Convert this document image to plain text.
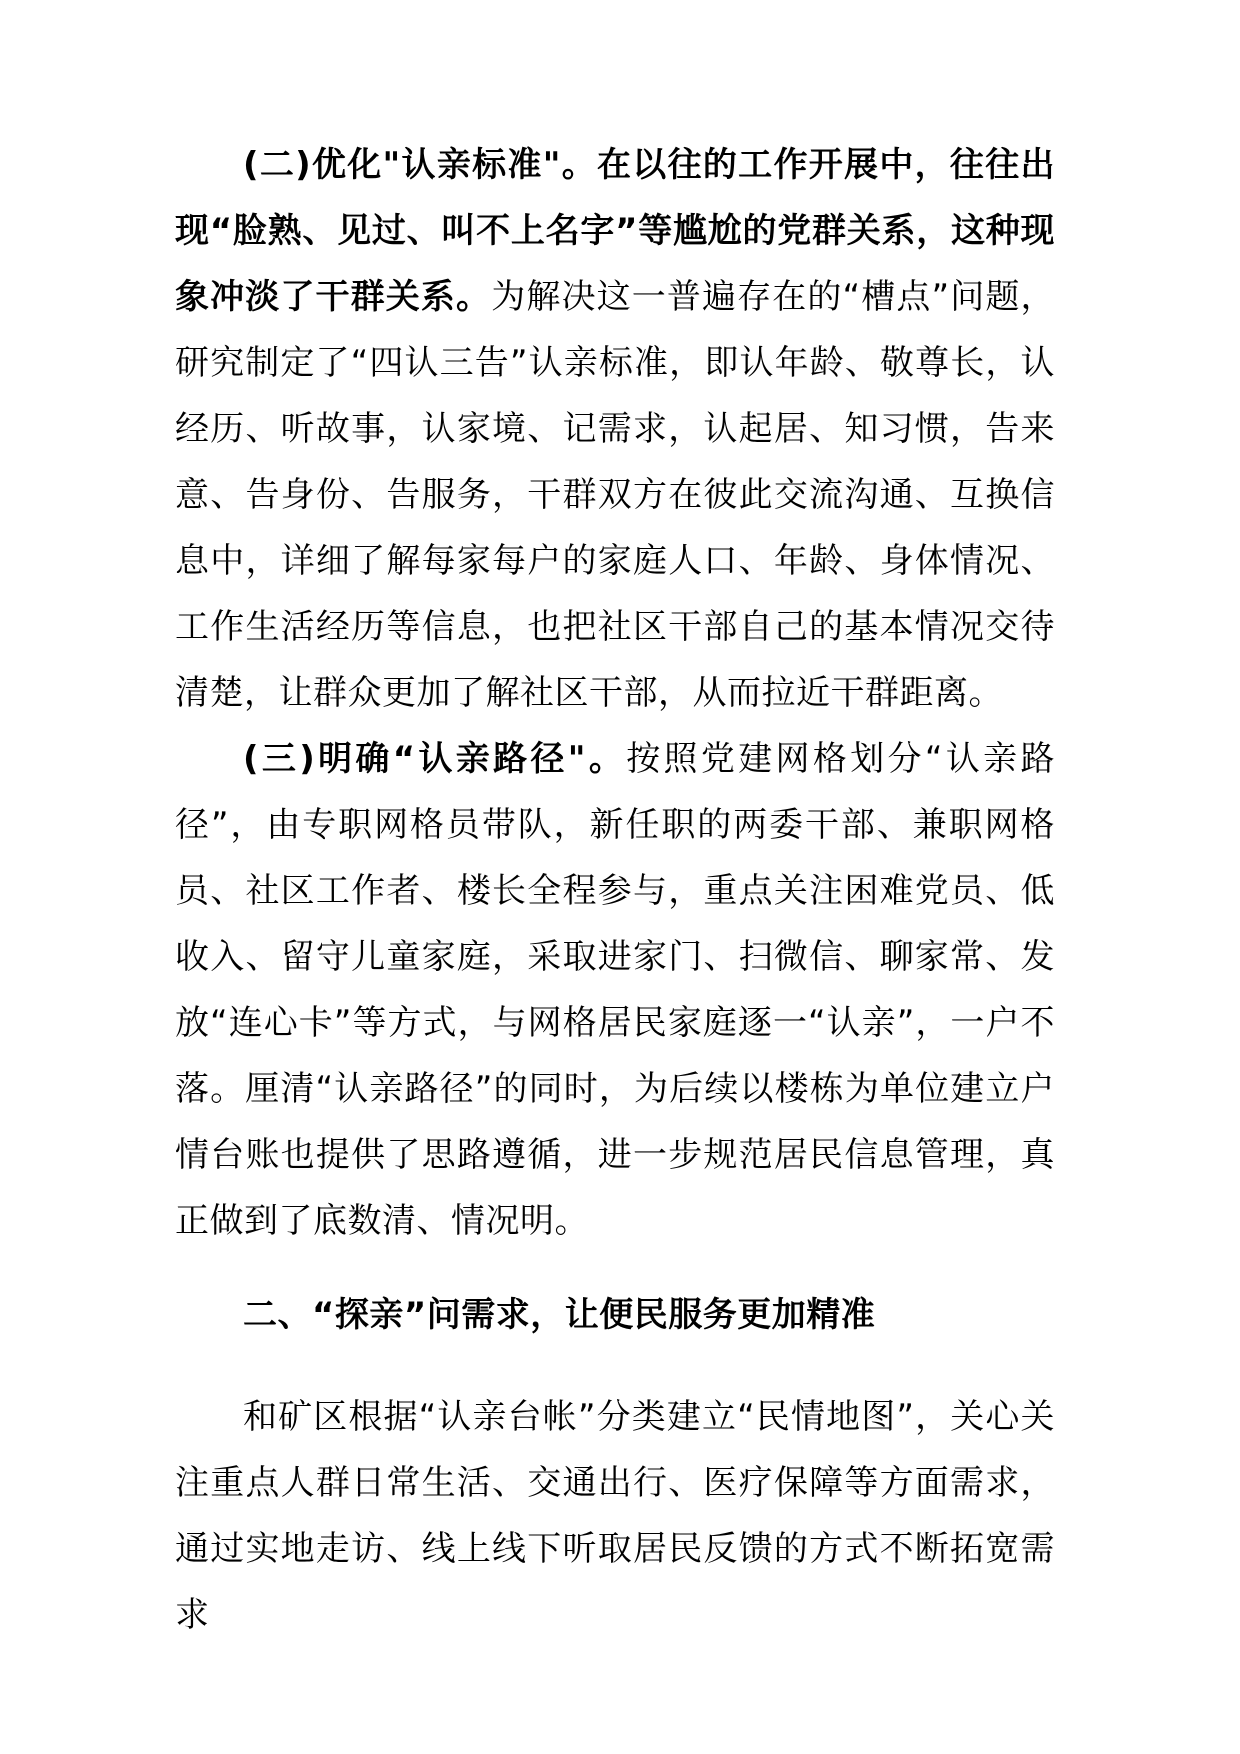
(二)优化"认亲标准"。在以往的工作开展中，往往出现“脸熟、见过、叫不上名字”等尴尬的党群关系，这种现象冲淡了干群关系。为解决这一普遍存在的“槽点”问题，研究制定了“四认三告”认亲标准，即认年龄、敬尊长，认经历、听故事，认家境、记需求，认起居、知习惯，告来意、告身份、告服务，干群双方在彼此交流沟通、互换信息中，详细了解每家每户的家庭人口、年龄、身体情况、工作生活经历等信息，也把社区干部自己的基本情况交待清楚，让群众更加了解社区干部，从而拉近干群距离。

(三)明确“认亲路径"。按照党建网格划分“认亲路径”，由专职网格员带队，新任职的两委干部、兼职网格员、社区工作者、楼长全程参与，重点关注困难党员、低收入、留守儿童家庭，采取进家门、扫微信、聊家常、发放“连心卡”等方式，与网格居民家庭逐一“认亲”，一户不落。厘清“认亲路径”的同时，为后续以楼栋为单位建立户情台账也提供了思路遵循，进一步规范居民信息管理，真正做到了底数清、情况明。

二、“探亲”问需求，让便民服务更加精准

和矿区根据“认亲台帐”分类建立“民情地图”，关心关注重点人群日常生活、交通出行、医疗保障等方面需求，通过实地走访、线上线下听取居民反馈的方式不断拓宽需求
